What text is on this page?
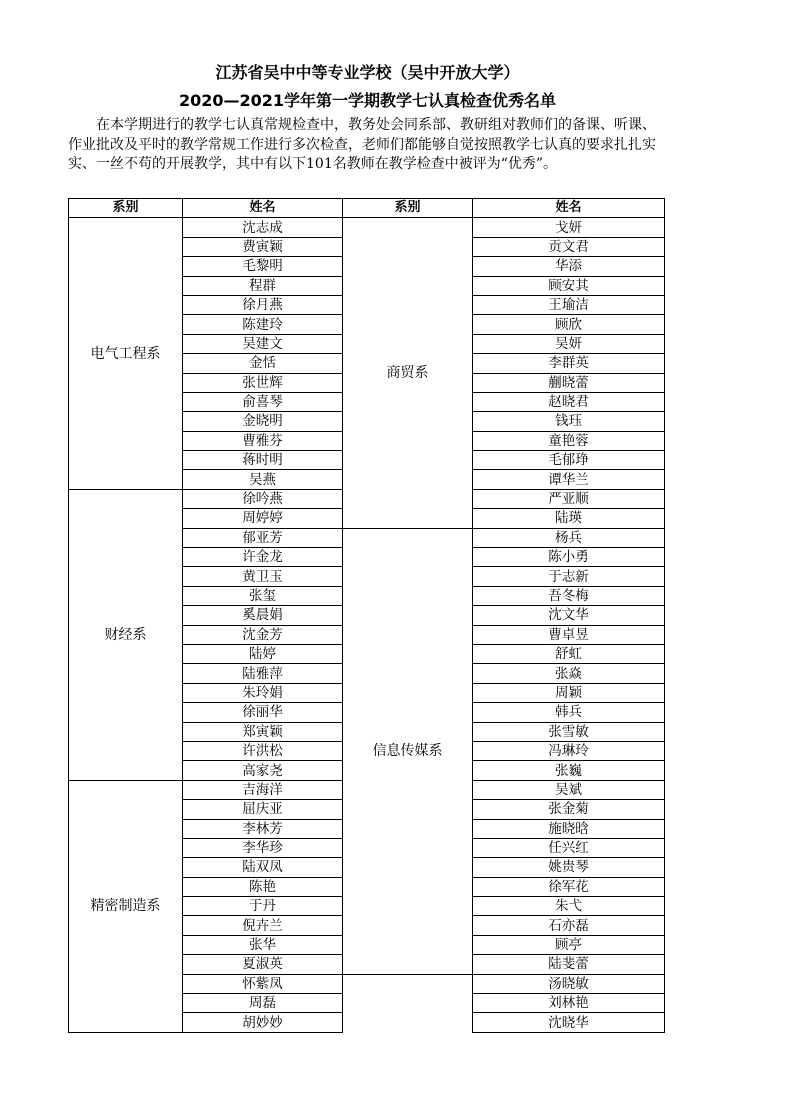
江苏省吴中中等专业学校（吴中开放大学）
2020—2021学年第一学期教学七认真检查优秀名单

在本学期进行的教学七认真常规检查中，教务处会同系部、教研组对教师们的备课、听课、作业批改及平时的教学常规工作进行多次检查，老师们都能够自觉按照教学七认真的要求扎扎实实、一丝不苟的开展教学，其中有以下101名教师在教学检查中被评为“优秀”。

系别	姓名	系别	姓名
电气工程系	沈志成	商贸系	戈妍
	费寅颖		贡文君
	毛黎明		华添
	程群		顾安其
	徐月燕		王瑜洁
	陈建玲		顾欣
	吴建文		吴妍
	金恬		李群英
	张世辉		蒯晓蕾
	俞喜琴		赵晓君
	金晓明		钱珏
	曹雅芬		童艳蓉
	蒋时明		毛郁琤
	吴燕		谭华兰
财经系	徐吟燕		严亚顺
	周婷婷		陆瑛
	郁亚芳	信息传媒系	杨兵
	许金龙		陈小勇
	黄卫玉		于志新
	张玺		吾冬梅
	奚晨娟		沈文华
	沈金芳		曹卓昱
	陆婷		舒虹
	陆雅萍		张焱
	朱玲娟		周颖
	徐丽华		韩兵
	郑寅颖		张雪敏
	许洪松		冯琳玲
	高家尧		张巍
精密制造系	吉海洋		吴斌
	屈庆亚		张金菊
	李林芳		施晓晗
	李华珍		任兴红
	陆双凤		姚贵琴
	陈艳		徐军花
	于丹		朱弋
	倪卉兰		石亦磊
	张华		顾亭
	夏淑英		陆斐蕾
	怀紫凤		汤晓敏
	周磊		刘林艳
	胡妙妙		沈晓华
